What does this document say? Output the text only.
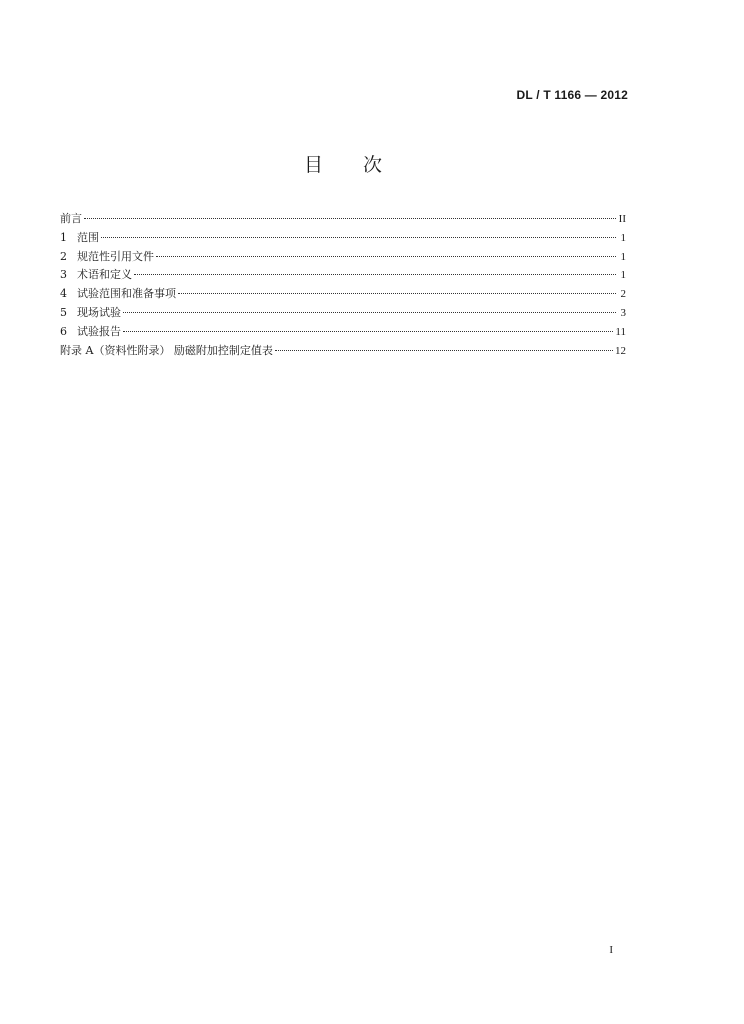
DL / T 1166 — 2012
目次
前言	II
1 范围	1
2 规范性引用文件	1
3 术语和定义	1
4 试验范围和准备事项	2
5 现场试验	3
6 试验报告	11
附录 A（资料性附录） 励磁附加控制定值表	12
I
